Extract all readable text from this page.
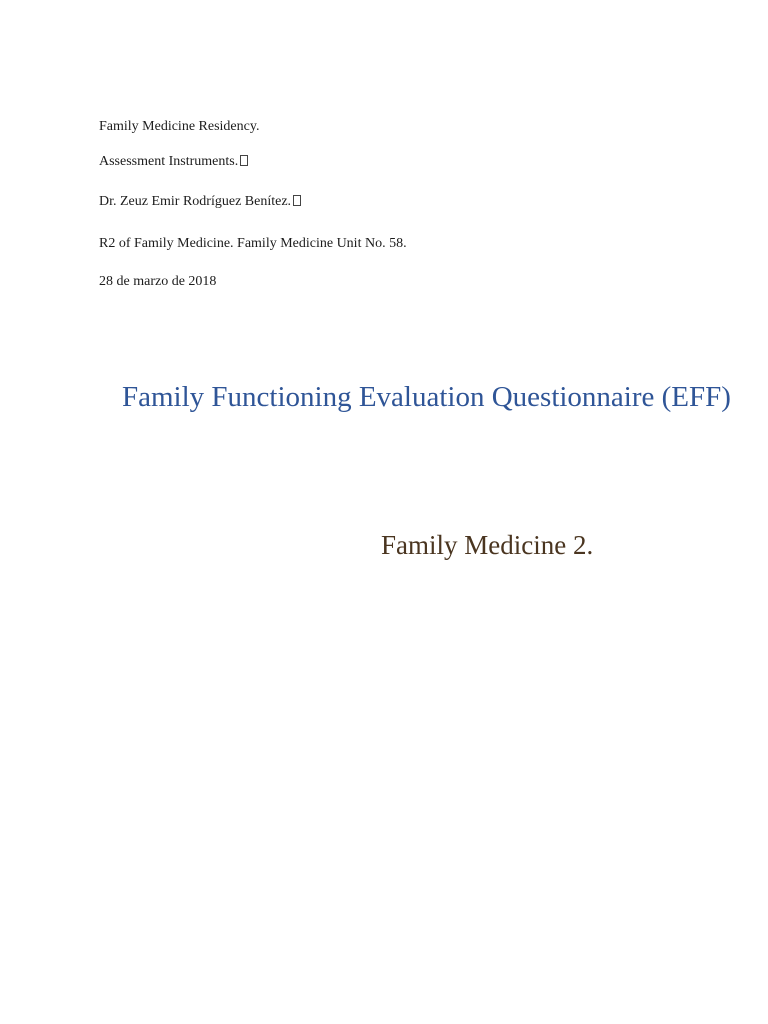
Family Medicine Residency.
Assessment Instruments.
Dr. Zeuz Emir Rodríguez Benítez.
R2 of Family Medicine. Family Medicine Unit No. 58.
28 de marzo de 2018
Family Functioning Evaluation Questionnaire (EFF)
Family Medicine 2.
